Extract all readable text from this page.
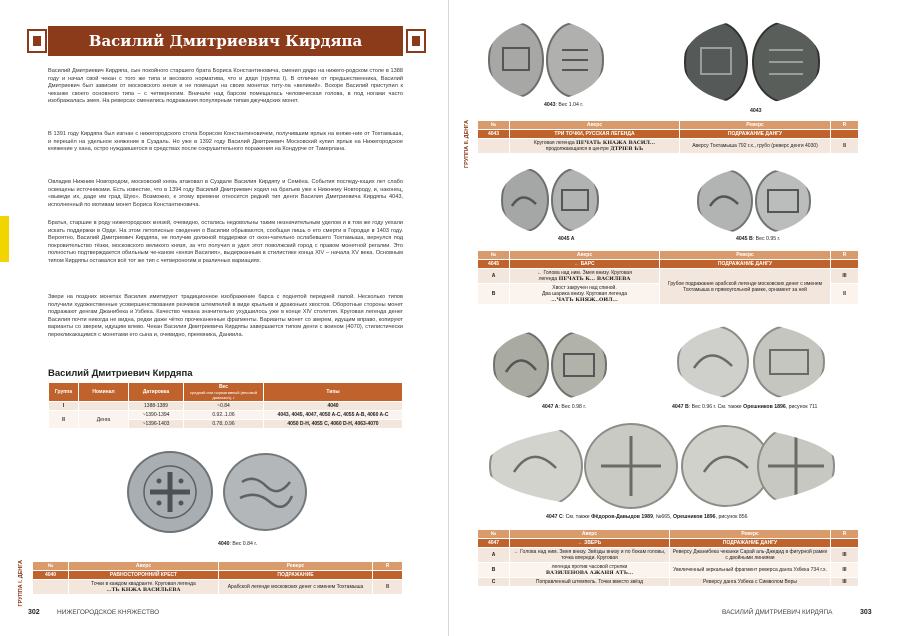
Василий Дмитриевич Кирдяпа

Василий Дмитриевич Кирдяпа, сын покойного старшего брата Бориса Константиновича, сменил дядю на нижего-родском столе в 1388 году и начал свой чекан с того же типа и весового норматива, что и дядя (группа I). В отличие от предшественника, Василий Дмитриевич был зависим от московского князя и не помещал на своих монетах титу-ла «великий». Вскоре Василий приступил к чеканке своего основного типа – с четверногим. Вначале над барсом помещалась человеческая голова, в под ногами часто изображалась змея. На реверсах сменились подражания популярным типам джучидских монет.

В 1391 году Кирдяпа был изгнан с нижегородского стола Борисом Константиновичем, получившим ярлык на княже-ние от Тохтамыша, и перешёл на удельное княжение в Суздаль. Но уже в 1392 году Василий Дмитриевич Московский купил ярлык на Нижегородское княжение у хана, остро нуждавшегося в средствах после сокрушительного поражения на Кондурче от Тамерлана.

Овладев Нижним Новгородом, московский князь атаковал в Суздале Василия Кирдяпу и Семёна. События последу-ющих лет слабо освещены источниками. Есть известие, что в 1394 году Василий Дмитриевич ходил на братьев уже к Нижнему Новгороду, и, наконец, «выведе их, даде им град Шую». Возможно, к этому времени относится редкий тип денги Василия Дмитриевича Кирдяпы 4043, исполненный по мотивам монет Бориса Константиновича.

Братья, старшие в роду нижегородских князей, очевидно, остались недовольны таким незначительным уделом и в том же году уехали искать поддержки в Орде. На этом летописные сведения о Василии обрываются, сообщая лишь о его смерти в Городце в 1403 году. Вероятно, Василий Дмитриевич Кирдяпа, не получив должной поддержки от окон-чательно ослабевшего Тохтамыша, вернулся под покровительство тёзки, московского великого князя, за что получил в удел этот поволжский город с правом монетной регалии. Это полностью подтверждается обильным че-каном «князя Василия», выдержанным в стилистике конца XIV – начала XV века. Основным типом Кирдяпы оставался всё тот же тип с четвероногим в различных вариациях.

Звери на поздних монетах Василия имитируют традиционное изображение барса с поднятой передней лапой. Несколько типов получили художественные усовершенствования резчиков штемпелей в виде крыльев и драконьих хвостов. Оборотные стороны монет подражают денгам Джанибека и Узбека. Качество чекана значительно ухудшилось уже в конце XIV столетия. Круговая легенда денег Василия почти никогда не видна, редки даже чётко прочеканенные фрагменты. Варианты монет со зверем, идущим вправо, копируют варианты со зверем, идущим влево. Чекан Василия Дмитриевича Кирдяпы завершается типом денги с воином (4070), стилистически перекликающимся с монетами его сына и, очевидно, преемника, Даниила.

Василий Дмитриевич Кирдяпа
Группа	Номинал	Датировка	Вес
средний или нормативный (весовой диапазон), г	Типы
I		1388-1389	~0.84	4040
II	Денга	~1390-1394	0.92..1.06	4043, 4045, 4047, 4050 A-C, 4055 A-B, 4060 A-C
		~1396-1403	0.78..0.96	4050 D-H, 4055 C, 4060 D-H, 4063-4070
4040: Вес 0.84 г.
ГРУППА I. ДЕНГА	№	Аверс	Реверс	R
4040	РАВНОСТОРОННИЙ КРЕСТ	ПОДРАЖАНИЕ	

	Точки в каждом квадранте. Круговая легенда
...ТЬ КНЖА ВАСИЛЬЕВА	Арабской легенде московских денег с именем Тохтамыша	II
302	НИЖЕГОРОДСКОЕ КНЯЖЕСТВО
4043: Вес 1.04 г.
4043
ГРУППА II. ДЕНГА	№	Аверс	Реверс	R
4043	ТРИ ТОЧКИ, РУССКАЯ ЛЕГЕНДА	ПОДРАЖАНИЕ ДАНГУ	
	Круговая легенда ПЕЧАТЬ КНАЖА ВАСИЛ...
продолжающаяся в центре ДТРІЕВ ҌЪ	Аверсу Тохтамыша 792 г.х., грубо (реверс денги 4030)	II
4045 A	4045 B: Вес 0.95 г.
№	Аверс	Реверс	R
4045	← БАРС	ПОДРАЖАНИЕ ДАНГУ	
A	← Голова над ним. Змея внизу. Круговая
легенда ПЕЧАТЬ К... ВАСИЛЕВА	Грубое подражание арабской легенде московских денег с именем Тохтамыша в прямоугольной рамке, орнамент за ней	III
B	Хвост закручен над спиной.
Два шарика внизу. Круговая легенда
...ЧАТЪ КНЯЖ..ОИЛ...		II
4047 A: Вес 0.98 г.	4047 B: Вес 0.96 г. См. также Орешников 1896, рисунок 711
4047 C: См. также Фёдоров-Давыдов 1989, №665, Орешников 1896, рисунок 856
№	Аверс	Реверс	R
4047	← ЗВЕРЬ	ПОДРАЖАНИЕ ДАНГУ	
A	← Голова над ним. Змея внизу. Звёзды внизу и по бокам головы, точка впереди. Круговая	Реверсу Джанибека чеканки Сарай аль-Джедид в фигурной рамке с двойными линиями	III
B	легенда против часовой стрелки
ВАЗИЛЕНОВА АЖАНЯ АТЪ...	Увеличенный зеркальный фрагмент реверса данга Узбека 734 г.х.	III
C	Поправленный штемпель. Точки вместо звёзд	Реверсу данга Узбека с Символом Веры	III
ВАСИЛИЙ ДМИТРИЕВИЧ КИРДЯПА	303
